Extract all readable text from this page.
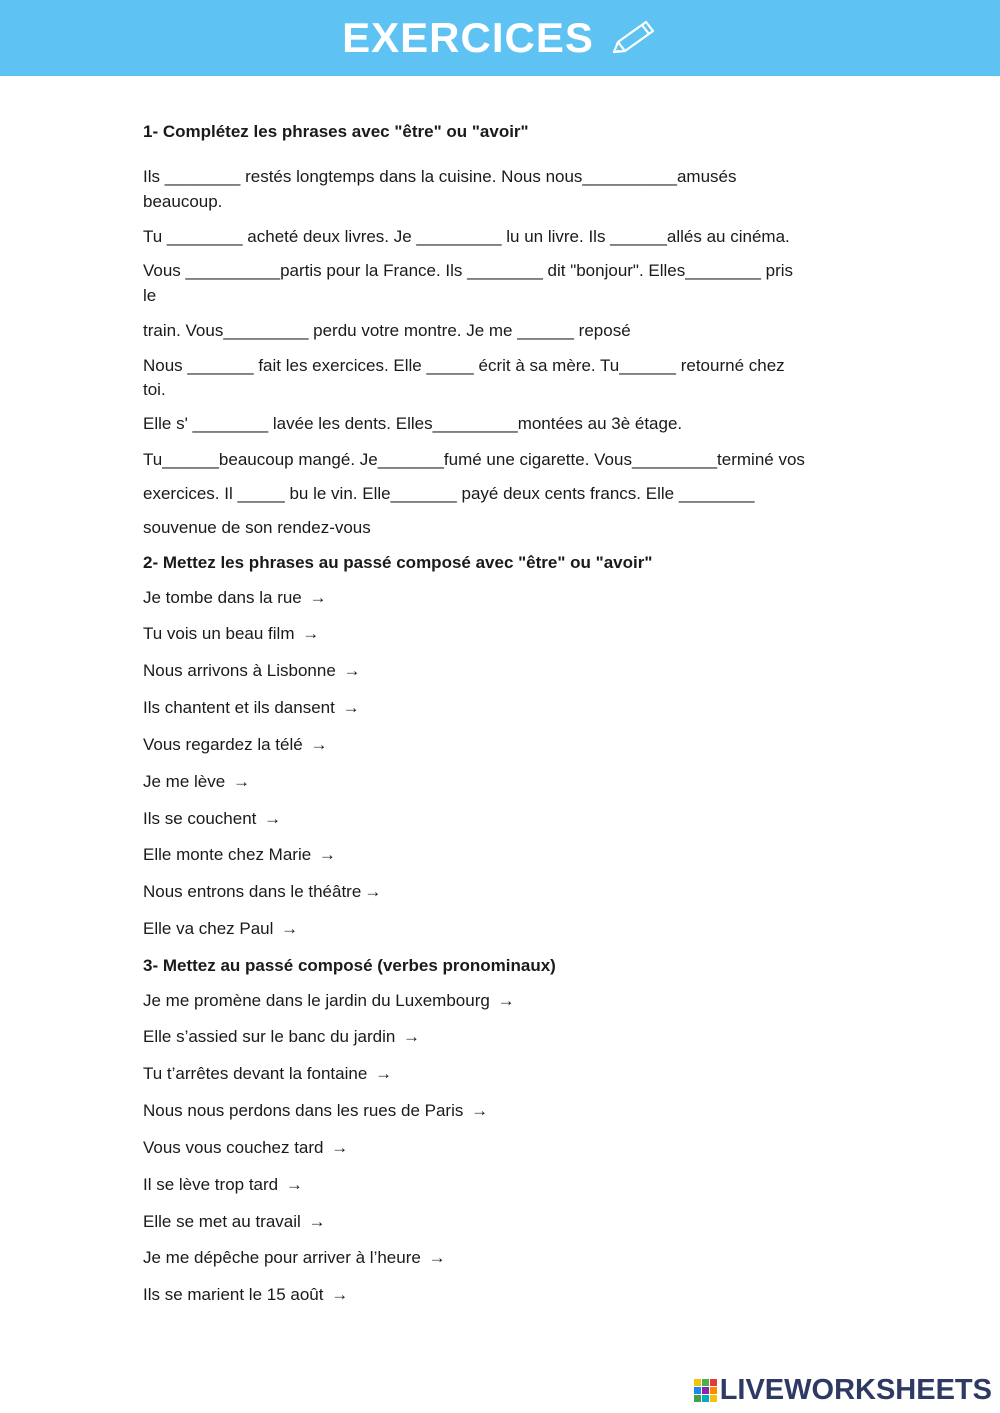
EXERCICES
1- Complétez les phrases avec "être" ou "avoir"
Ils ________ restés longtemps dans la cuisine. Nous nous__________amusés
beaucoup.
Tu ________ acheté deux livres. Je _________ lu un livre. Ils ______allés au cinéma.
Vous __________partis pour la France. Ils ________ dit "bonjour". Elles________ pris
le
train. Vous_________ perdu votre montre. Je me ______ reposé
Nous _______ fait les exercices. Elle _____ écrit à sa mère. Tu______ retourné chez
toi.
Elle s' ________ lavée les dents. Elles_________montées au 3è étage.
Tu______beaucoup mangé. Je_______fumé une cigarette. Vous_________terminé vos
exercices. Il _____ bu le vin. Elle_______ payé deux cents francs. Elle ________
souvenue de son rendez-vous
2- Mettez les phrases au passé composé avec "être" ou "avoir"
Je tombe dans la rue →
Tu vois un beau film →
Nous arrivons à Lisbonne →
Ils chantent et ils dansent →
Vous regardez la télé →
Je me lève →
Ils se couchent →
Elle monte chez Marie →
Nous entrons dans le théâtre →
Elle va chez Paul →
3- Mettez au passé composé (verbes pronominaux)
Je me promène dans le jardin du Luxembourg →
Elle s’assied sur le banc du jardin →
Tu t’arrêtes devant la fontaine →
Nous nous perdons dans les rues de Paris →
Vous vous couchez tard →
Il se lève trop tard →
Elle se met au travail →
Je me dépêche pour arriver à l’heure →
Ils se marient le 15 août →
LIVEWORKSHEETS
